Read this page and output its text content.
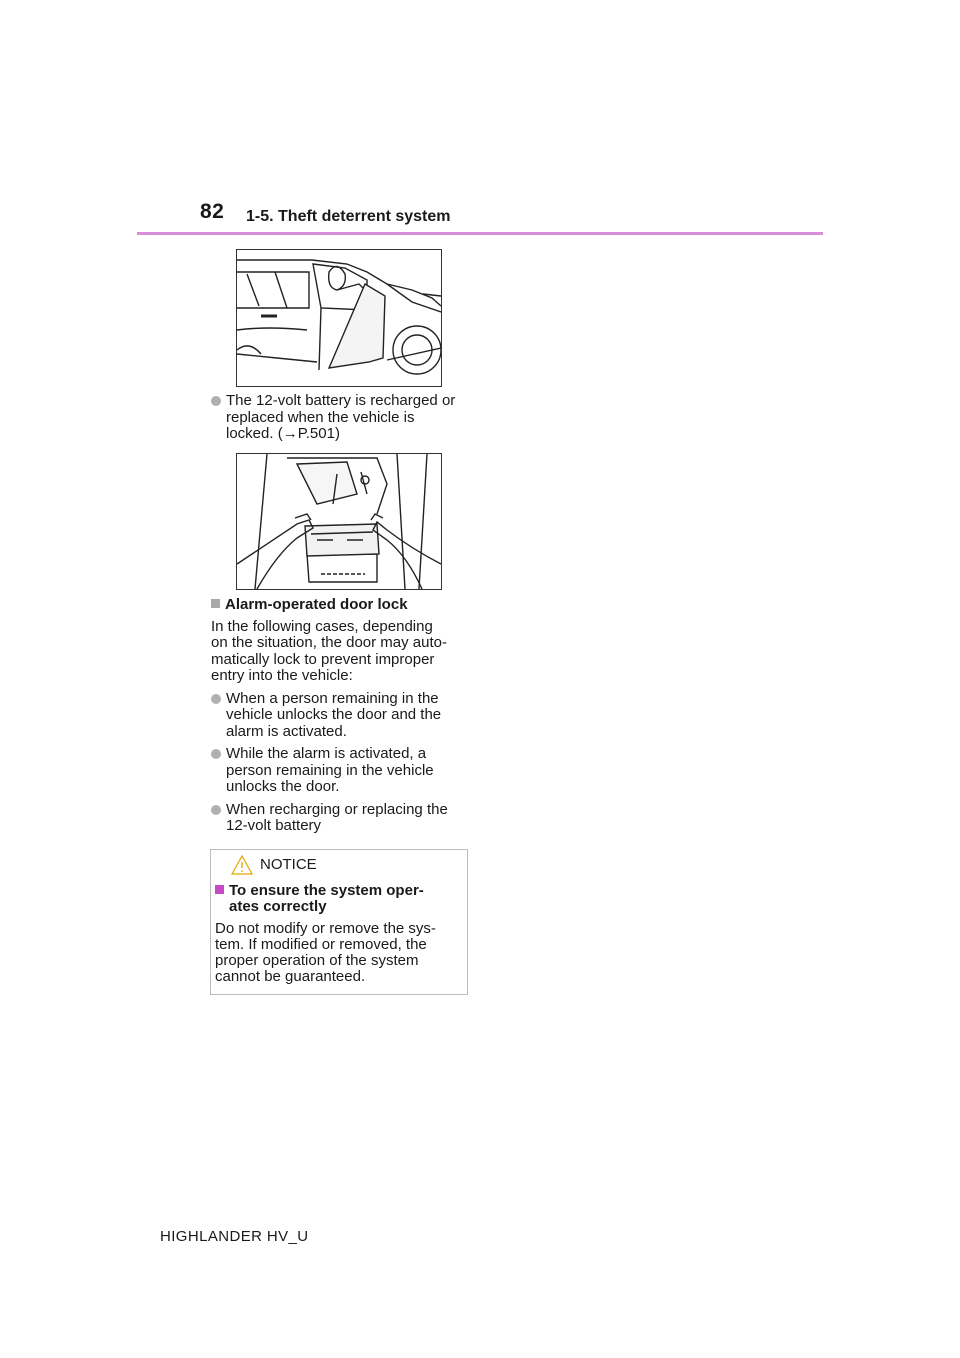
82 1-5. Theft deterrent system
The 12-volt battery is recharged or
replaced when the vehicle is
locked. (→P.501)
Alarm-operated door lock
In the following cases, depending
on the situation, the door may auto-
matically lock to prevent improper
entry into the vehicle:
When a person remaining in the
vehicle unlocks the door and the
alarm is activated.
While the alarm is activated, a
person remaining in the vehicle
unlocks the door.
When recharging or replacing the
12-volt battery
NOTICE
To ensure the system oper-
ates correctly
Do not modify or remove the sys-
tem. If modified or removed, the
proper operation of the system
cannot be guaranteed.
HIGHLANDER HV_U
